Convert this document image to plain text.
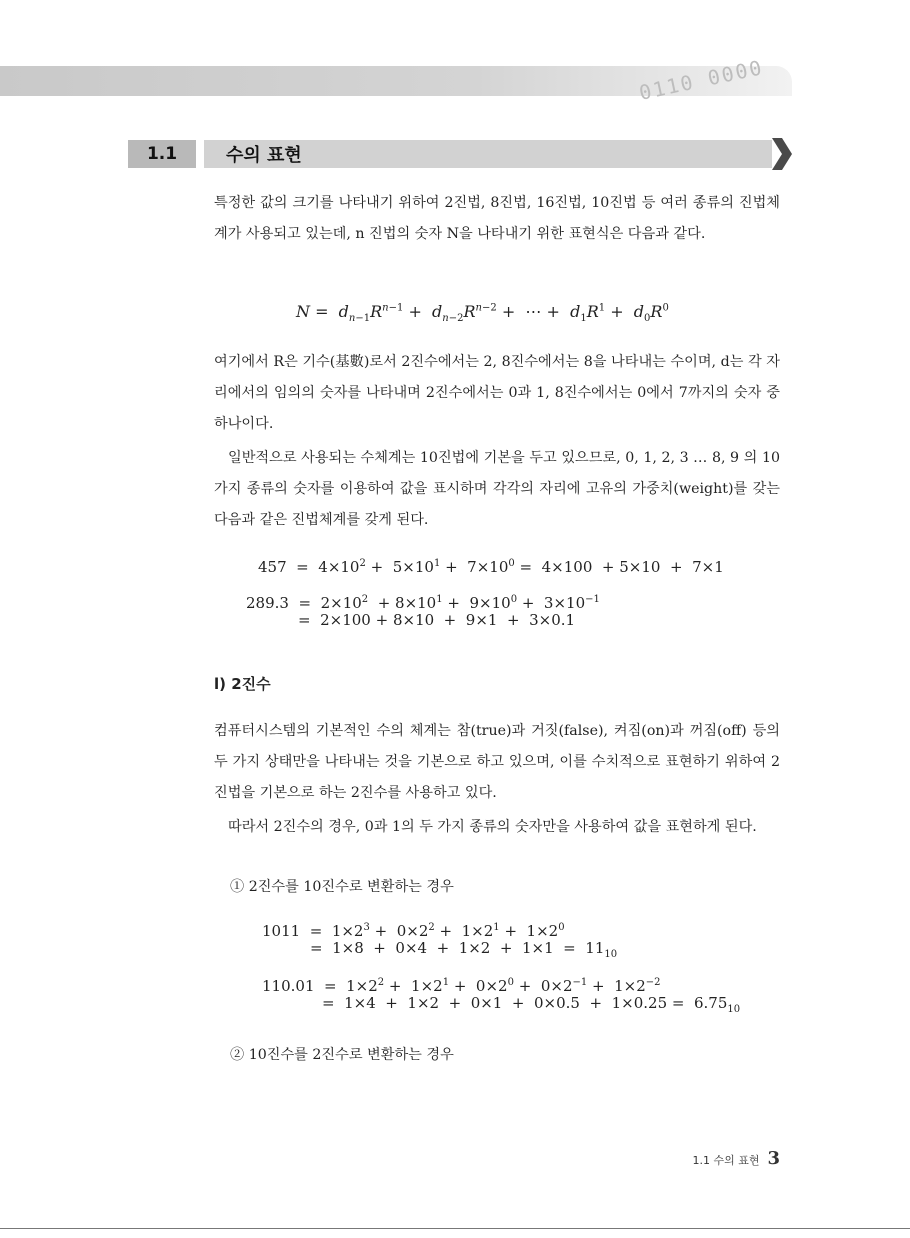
0110 0000
1.1	수의 표현
특정한 값의 크기를 나타내기 위하여 2진법, 8진법, 16진법, 10진법 등 여러 종류의 진법체계가 사용되고 있는데, n 진법의 숫자 N을 나타내기 위한 표현식은 다음과 같다.
$N = d_{n-1}R^{n-1} + d_{n-2}R^{n-2}$ +  ⋯ +  $d_1R^1 + d_0R^0$
여기에서 R은 기수(基數)로서 2진수에서는 2, 8진수에서는 8을 나타내는 수이며, d는 각 자리에서의 임의의 숫자를 나타내며 2진수에서는 0과 1, 8진수에서는 0에서 7까지의 숫자 중 하나이다.
일반적으로 사용되는 수체계는 10진법에 기본을 두고 있으므로, 0, 1, 2, 3 … 8, 9 의 10가지 종류의 숫자를 이용하여 값을 표시하며 각각의 자리에 고유의 가중치(weight)를 갖는 다음과 같은 진법체계를 갖게 된다.
$457 = 4\times 10^2 + 5\times 10^1 + 7\times 10^0 = 4\times 100 + 5\times 10 + 7\times 1$
$289.3 = 2\times 10^2 + 8\times 10^1 + 9\times 10^0 + 3\times 10^{-1}$
=  2×100 + 8×10  +  9×1  +  3×0.1
l) 2진수
컴퓨터시스템의 기본적인 수의 체계는 참(true)과 거짓(false), 켜짐(on)과 꺼짐(off) 등의 두 가지 상태만을 나타내는 것을 기본으로 하고 있으며, 이를 수치적으로 표현하기 위하여 2진법을 기본으로 하는 2진수를 사용하고 있다.
따라서 2진수의 경우, 0과 1의 두 가지 종류의 숫자만을 사용하여 값을 표현하게 된다.
① 2진수를 10진수로 변환하는 경우
$1011 = 1\times 2^3 + 0\times 2^2 + 1\times 2^1 + 1\times 2^0$
=  $1\times 8 + 0\times 4 + 1\times 2 + 1\times 1 = 11_{10}$
$110.01 = 1\times 2^2 + 1\times 2^1 + 0\times 2^0 + 0\times 2^{-1} + 1\times 2^{-2}$
=  $1\times 4 + 1\times 2 + 0\times 1 + 0\times 0.5 + 1\times 0.25 = 6.75_{10}$
② 10진수를 2진수로 변환하는 경우
1.1 수의 표현 3
